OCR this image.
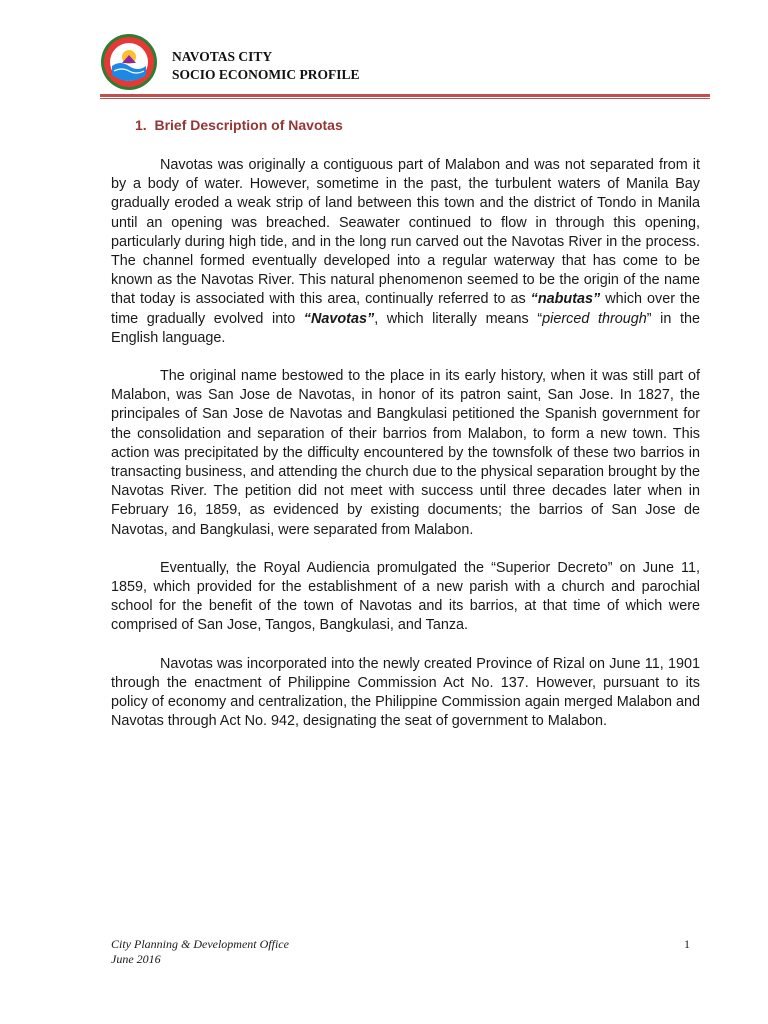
NAVOTAS CITY
SOCIO ECONOMIC PROFILE
1. Brief Description of Navotas

Navotas was originally a contiguous part of Malabon and was not separated from it by a body of water. However, sometime in the past, the turbulent waters of Manila Bay gradually eroded a weak strip of land between this town and the district of Tondo in Manila until an opening was breached. Seawater continued to flow in through this opening, particularly during high tide, and in the long run carved out the Navotas River in the process. The channel formed eventually developed into a regular waterway that has come to be known as the Navotas River. This natural phenomenon seemed to be the origin of the name that today is associated with this area, continually referred to as “nabutas” which over the time gradually evolved into “Navotas”, which literally means “pierced through” in the English language.

The original name bestowed to the place in its early history, when it was still part of Malabon, was San Jose de Navotas, in honor of its patron saint, San Jose. In 1827, the principales of San Jose de Navotas and Bangkulasi petitioned the Spanish government for the consolidation and separation of their barrios from Malabon, to form a new town. This action was precipitated by the difficulty encountered by the townsfolk of these two barrios in transacting business, and attending the church due to the physical separation brought by the Navotas River. The petition did not meet with success until three decades later when in February 16, 1859, as evidenced by existing documents; the barrios of San Jose de Navotas, and Bangkulasi, were separated from Malabon.

Eventually, the Royal Audiencia promulgated the “Superior Decreto” on June 11, 1859, which provided for the establishment of a new parish with a church and parochial school for the benefit of the town of Navotas and its barrios, at that time of which were comprised of San Jose, Tangos, Bangkulasi, and Tanza.

Navotas was incorporated into the newly created Province of Rizal on June 11, 1901 through the enactment of Philippine Commission Act No. 137. However, pursuant to its policy of economy and centralization, the Philippine Commission again merged Malabon and Navotas through Act No. 942, designating the seat of government to Malabon.

City Planning & Development Office
June 2016
1
